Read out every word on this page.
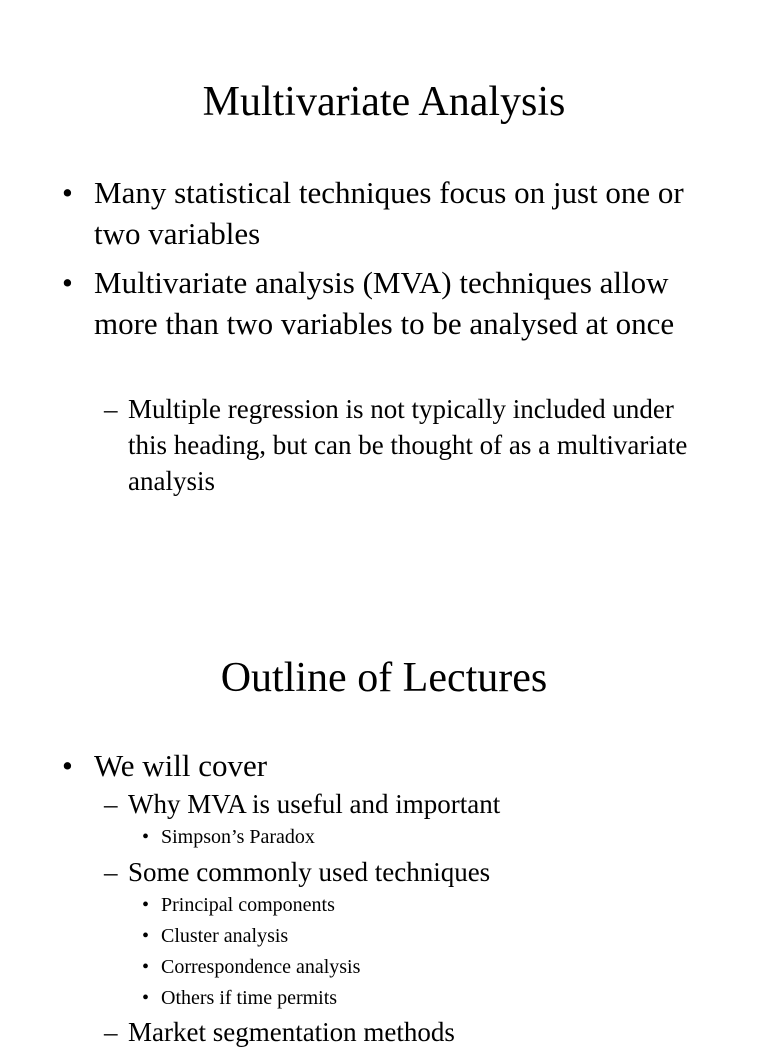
Multivariate Analysis

• Many statistical techniques focus on just one or two variables

• Multivariate analysis (MVA) techniques allow more than two variables to be analysed at once

– Multiple regression is not typically included under this heading, but can be thought of as a multivariate analysis

Outline of Lectures

• We will cover

– Why MVA is useful and important

• Simpson’s Paradox

– Some commonly used techniques

• Principal components

• Cluster analysis

• Correspondence analysis

• Others if time permits

– Market segmentation methods
